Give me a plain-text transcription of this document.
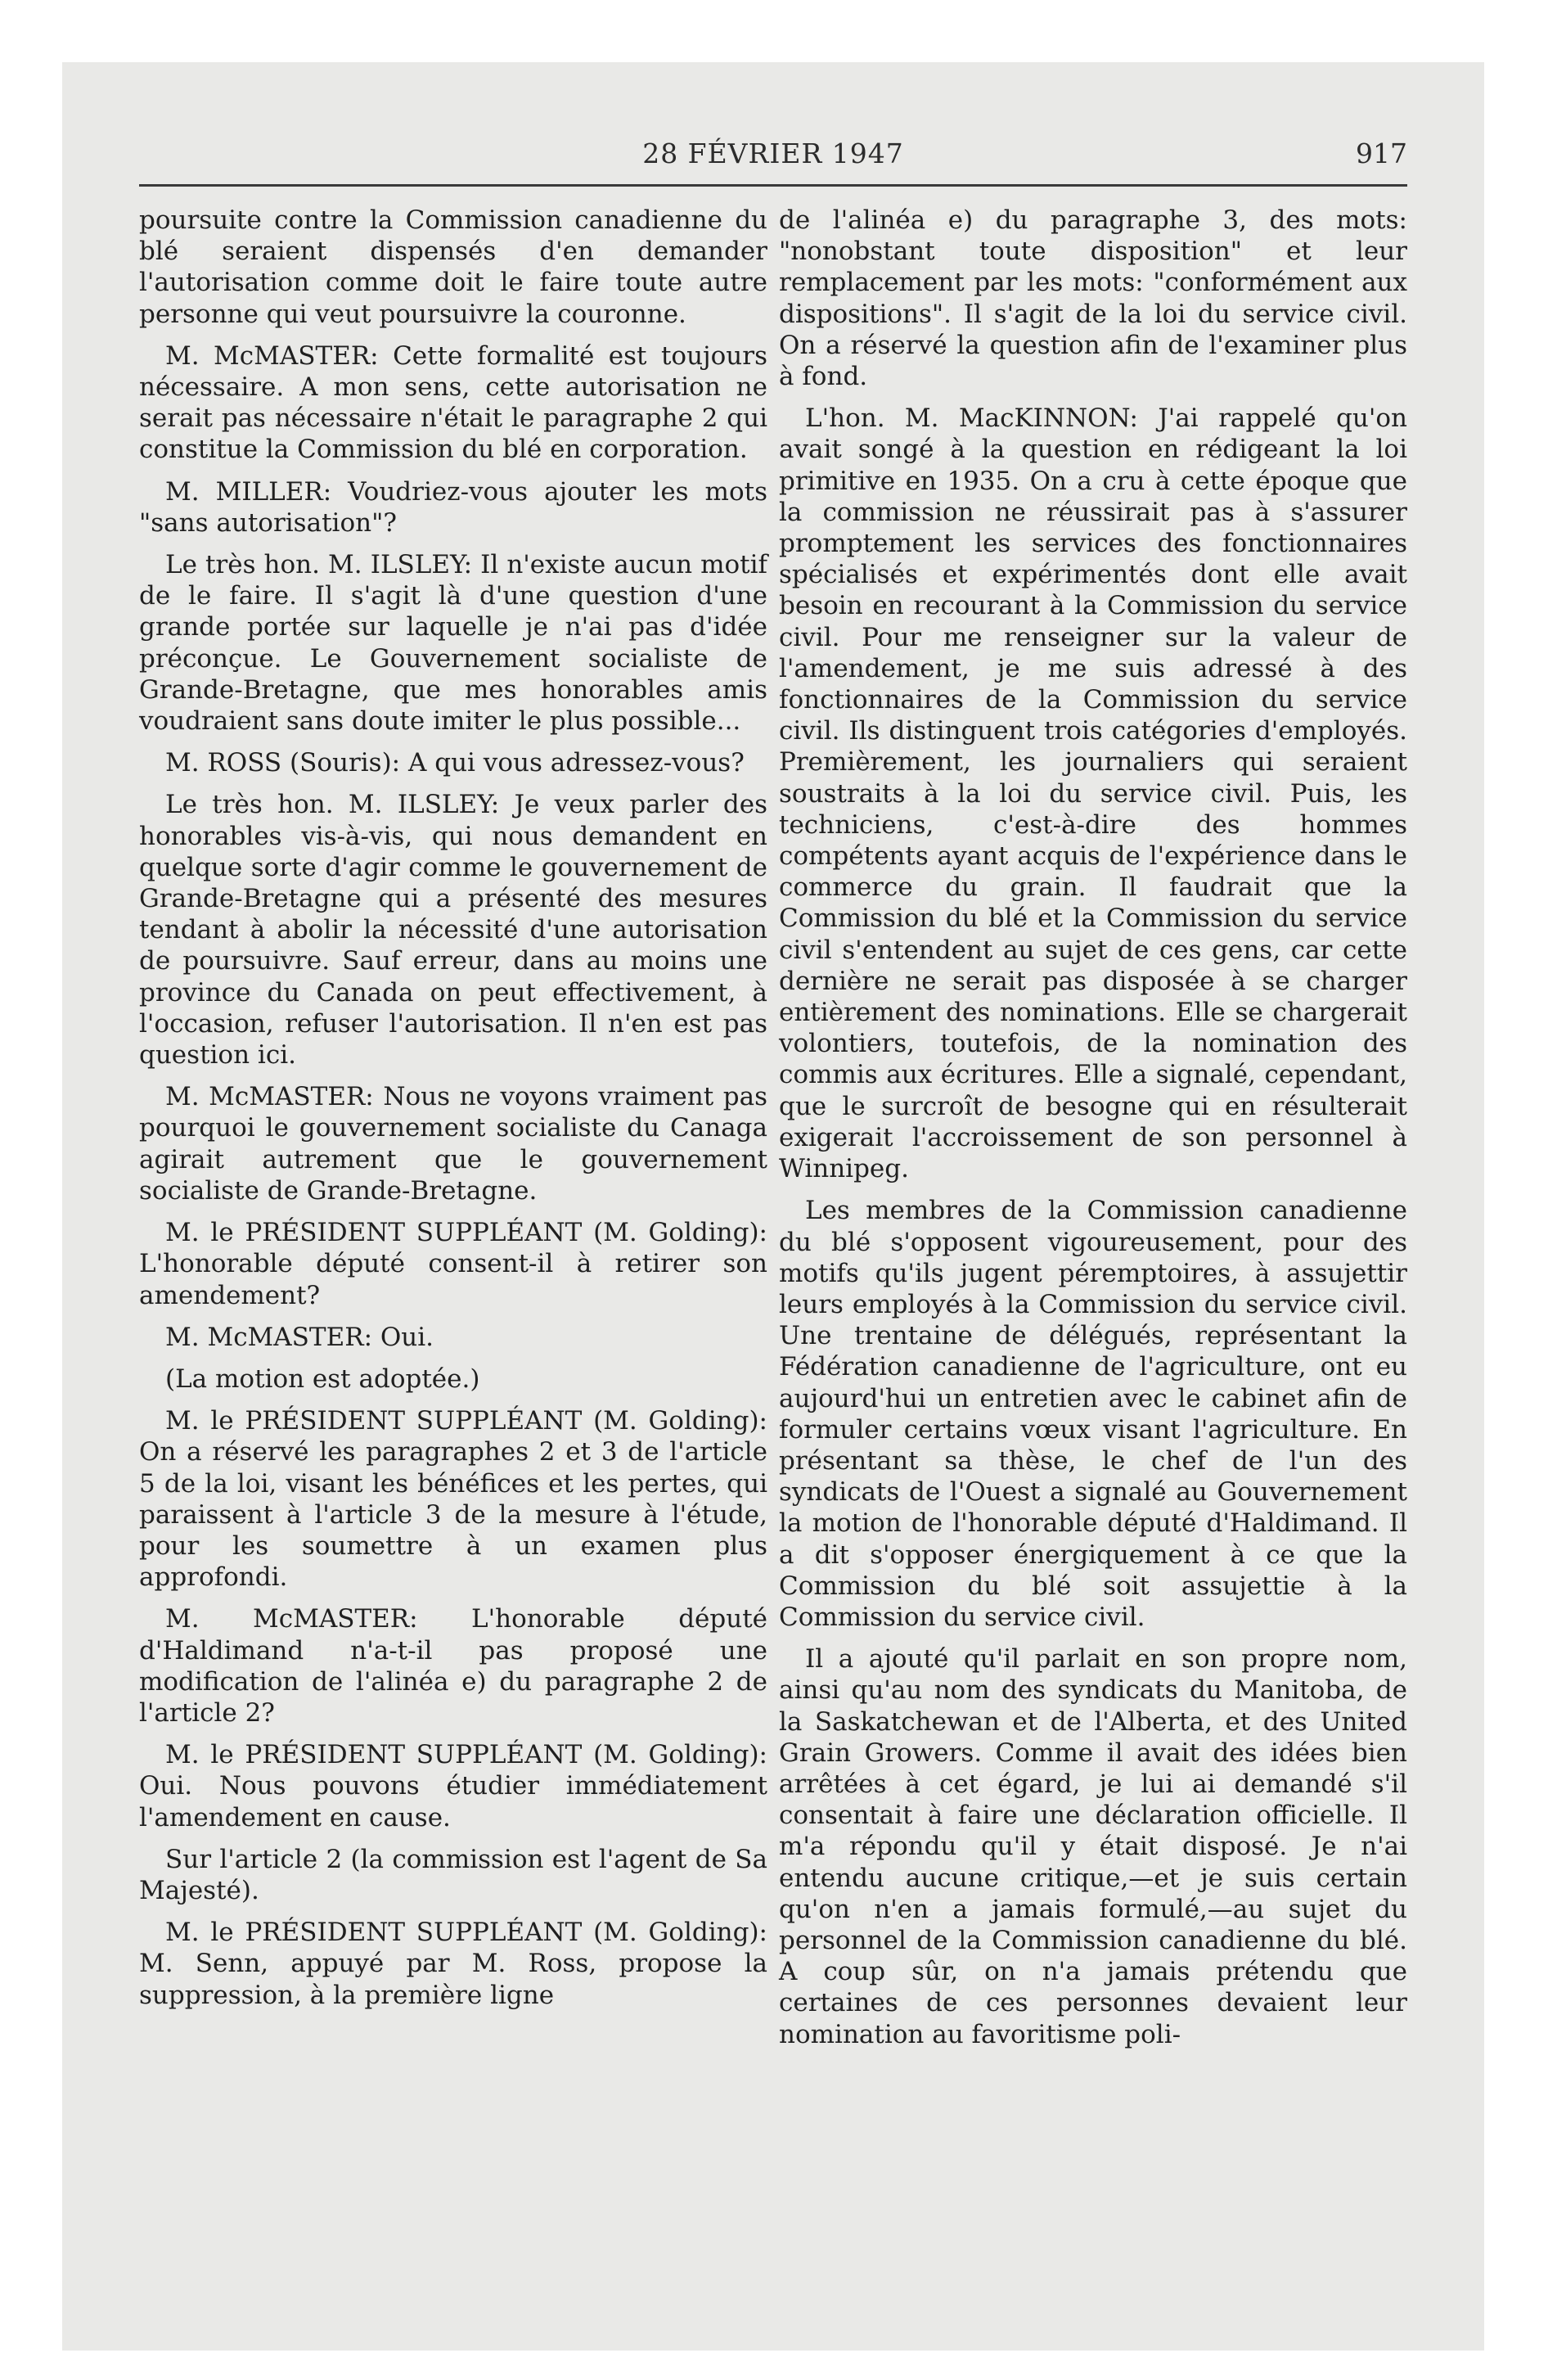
28 FÉVRIER 1947	917

poursuite contre la Commission canadienne du blé seraient dispensés d'en demander l'autorisation comme doit le faire toute autre personne qui veut poursuivre la couronne.

M. McMASTER: Cette formalité est toujours nécessaire. A mon sens, cette autorisation ne serait pas nécessaire n'était le paragraphe 2 qui constitue la Commission du blé en corporation.

M. MILLER: Voudriez-vous ajouter les mots "sans autorisation"?

Le très hon. M. ILSLEY: Il n'existe aucun motif de le faire. Il s'agit là d'une question d'une grande portée sur laquelle je n'ai pas d'idée préconçue. Le Gouvernement socialiste de Grande-Bretagne, que mes honorables amis voudraient sans doute imiter le plus possible...

M. ROSS (Souris): A qui vous adressez-vous?

Le très hon. M. ILSLEY: Je veux parler des honorables vis-à-vis, qui nous demandent en quelque sorte d'agir comme le gouvernement de Grande-Bretagne qui a présenté des mesures tendant à abolir la nécessité d'une autorisation de poursuivre. Sauf erreur, dans au moins une province du Canada on peut effectivement, à l'occasion, refuser l'autorisation. Il n'en est pas question ici.

M. McMASTER: Nous ne voyons vraiment pas pourquoi le gouvernement socialiste du Canaga agirait autrement que le gouvernement socialiste de Grande-Bretagne.

M. le PRÉSIDENT SUPPLÉANT (M. Golding): L'honorable député consent-il à retirer son amendement?

M. McMASTER: Oui.

(La motion est adoptée.)

M. le PRÉSIDENT SUPPLÉANT (M. Golding): On a réservé les paragraphes 2 et 3 de l'article 5 de la loi, visant les bénéfices et les pertes, qui paraissent à l'article 3 de la mesure à l'étude, pour les soumettre à un examen plus approfondi.

M. McMASTER: L'honorable député d'Haldimand n'a-t-il pas proposé une modification de l'alinéa e) du paragraphe 2 de l'article 2?

M. le PRÉSIDENT SUPPLÉANT (M. Golding): Oui. Nous pouvons étudier immédiatement l'amendement en cause.

Sur l'article 2 (la commission est l'agent de Sa Majesté).

M. le PRÉSIDENT SUPPLÉANT (M. Golding): M. Senn, appuyé par M. Ross, propose la suppression, à la première ligne

de l'alinéa e) du paragraphe 3, des mots: "nonobstant toute disposition" et leur remplacement par les mots: "conformément aux dispositions". Il s'agit de la loi du service civil. On a réservé la question afin de l'examiner plus à fond.

L'hon. M. MacKINNON: J'ai rappelé qu'on avait songé à la question en rédigeant la loi primitive en 1935. On a cru à cette époque que la commission ne réussirait pas à s'assurer promptement les services des fonctionnaires spécialisés et expérimentés dont elle avait besoin en recourant à la Commission du service civil. Pour me renseigner sur la valeur de l'amendement, je me suis adressé à des fonctionnaires de la Commission du service civil. Ils distinguent trois catégories d'employés. Premièrement, les journaliers qui seraient soustraits à la loi du service civil. Puis, les techniciens, c'est-à-dire des hommes compétents ayant acquis de l'expérience dans le commerce du grain. Il faudrait que la Commission du blé et la Commission du service civil s'entendent au sujet de ces gens, car cette dernière ne serait pas disposée à se charger entièrement des nominations. Elle se chargerait volontiers, toutefois, de la nomination des commis aux écritures. Elle a signalé, cependant, que le surcroît de besogne qui en résulterait exigerait l'accroissement de son personnel à Winnipeg.

Les membres de la Commission canadienne du blé s'opposent vigoureusement, pour des motifs qu'ils jugent péremptoires, à assujettir leurs employés à la Commission du service civil. Une trentaine de délégués, représentant la Fédération canadienne de l'agriculture, ont eu aujourd'hui un entretien avec le cabinet afin de formuler certains vœux visant l'agriculture. En présentant sa thèse, le chef de l'un des syndicats de l'Ouest a signalé au Gouvernement la motion de l'honorable député d'Haldimand. Il a dit s'opposer énergiquement à ce que la Commission du blé soit assujettie à la Commission du service civil.

Il a ajouté qu'il parlait en son propre nom, ainsi qu'au nom des syndicats du Manitoba, de la Saskatchewan et de l'Alberta, et des United Grain Growers. Comme il avait des idées bien arrêtées à cet égard, je lui ai demandé s'il consentait à faire une déclaration officielle. Il m'a répondu qu'il y était disposé. Je n'ai entendu aucune critique,—et je suis certain qu'on n'en a jamais formulé,—au sujet du personnel de la Commission canadienne du blé. A coup sûr, on n'a jamais prétendu que certaines de ces personnes devaient leur nomination au favoritisme poli-
